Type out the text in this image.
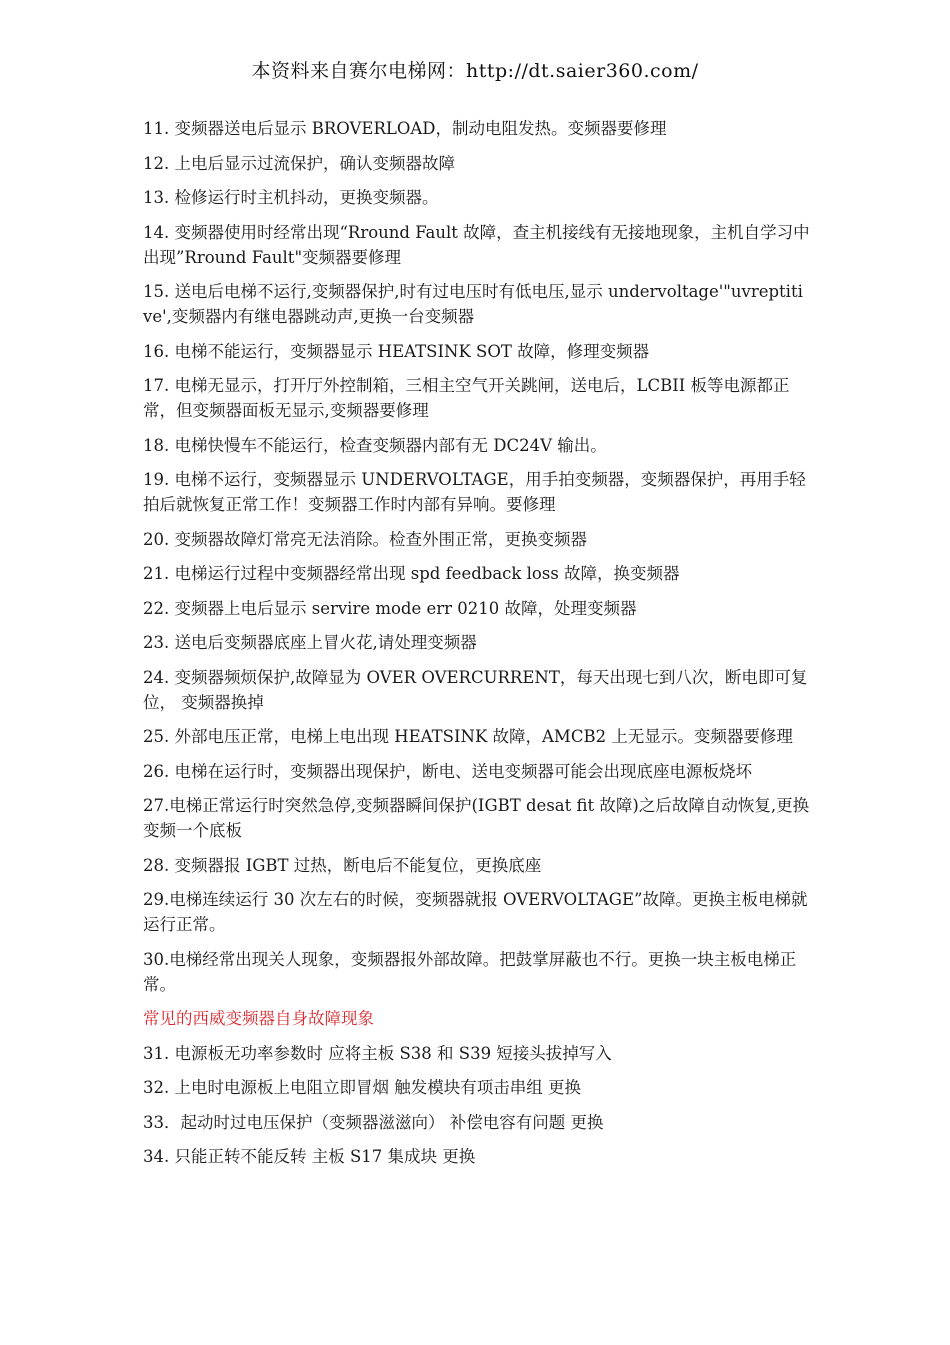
本资料来自赛尔电梯网：http://dt.saier360.com/

11. 变频器送电后显示 BROVERLOAD，制动电阻发热。变频器要修理

12. 上电后显示过流保护，确认变频器故障

13. 检修运行时主机抖动，更换变频器。

14. 变频器使用时经常出现“Rround Fault 故障，查主机接线有无接地现象，主机自学习中出现”Rround Fault"变频器要修理

15. 送电后电梯不运行,变频器保护,时有过电压时有低电压,显示 undervoltage'"uvreptitive',变频器内有继电器跳动声,更换一台变频器

16. 电梯不能运行，变频器显示 HEATSINK SOT 故障，修理变频器

17. 电梯无显示，打开厅外控制箱，三相主空气开关跳闸，送电后，LCBII 板等电源都正常，但变频器面板无显示,变频器要修理

18. 电梯快慢车不能运行，检查变频器内部有无 DC24V 输出。

19. 电梯不运行，变频器显示 UNDERVOLTAGE，用手拍变频器，变频器保护，再用手轻拍后就恢复正常工作！变频器工作时内部有异响。要修理

20. 变频器故障灯常亮无法消除。检查外围正常，更换变频器

21. 电梯运行过程中变频器经常出现 spd feedback loss 故障，换变频器

22. 变频器上电后显示 servire mode err 0210 故障，处理变频器

23. 送电后变频器底座上冒火花,请处理变频器

24. 变频器频烦保护,故障显为 OVER OVERCURRENT，每天出现七到八次，断电即可复位， 变频器换掉

25. 外部电压正常，电梯上电出现 HEATSINK 故障，AMCB2 上无显示。变频器要修理

26. 电梯在运行时，变频器出现保护，断电、送电变频器可能会出现底座电源板烧坏

27.电梯正常运行时突然急停,变频器瞬间保护(IGBT desat fit 故障)之后故障自动恢复,更换变频一个底板

28. 变频器报 IGBT 过热，断电后不能复位，更换底座

29.电梯连续运行 30 次左右的时候，变频器就报 OVERVOLTAGE”故障。更换主板电梯就运行正常。

30.电梯经常出现关人现象，变频器报外部故障。把鼓掌屏蔽也不行。更换一块主板电梯正常。

常见的西威变频器自身故障现象

31. 电源板无功率参数时 应将主板 S38 和 S39 短接头拔掉写入

32. 上电时电源板上电阻立即冒烟 触发模块有项击串组 更换

33．起动时过电压保护（变频器滋滋向） 补偿电容有问题 更换

34. 只能正转不能反转 主板 S17 集成块 更换
